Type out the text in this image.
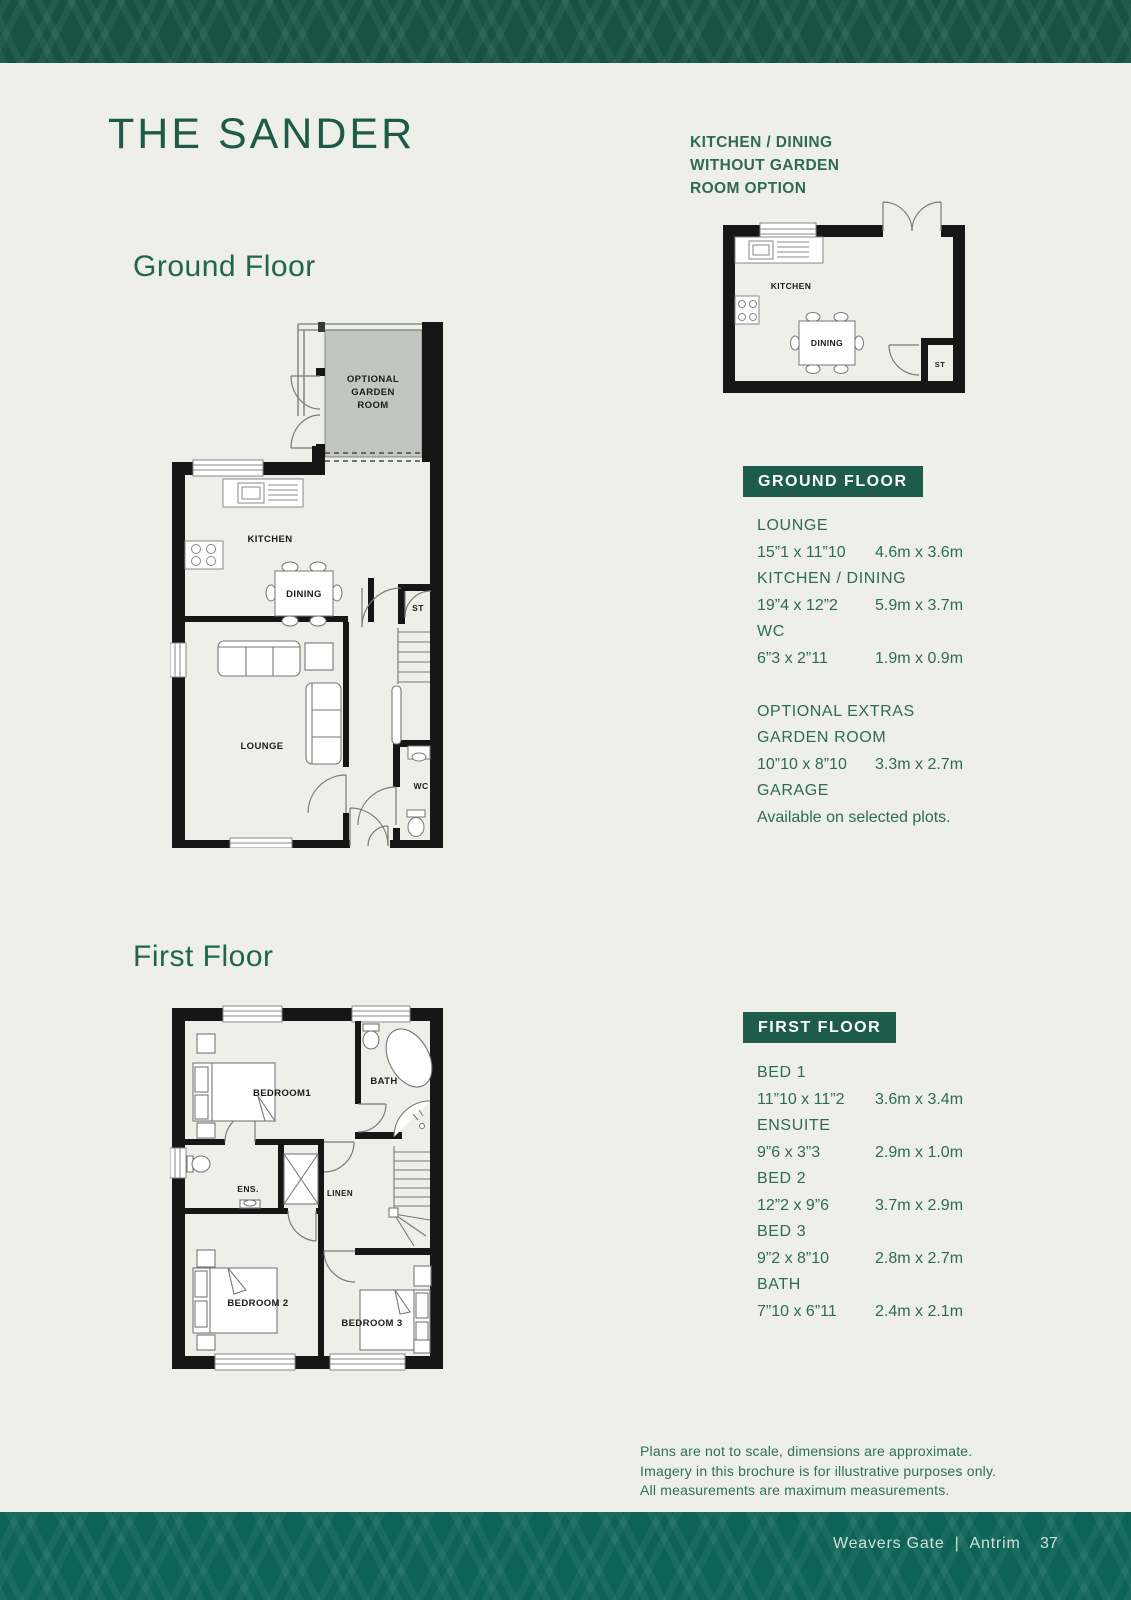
THE SANDER
Ground Floor
OPTIONAL
GARDEN
ROOM
KITCHEN
DINING
ST
LOUNGE
WC
KITCHEN / DINING
WITHOUT GARDEN
ROOM OPTION
KITCHEN
DINING
ST
GROUND FLOOR
LOUNGE
15”1 x 11”10	4.6m x 3.6m
KITCHEN / DINING
19”4 x 12”2	5.9m x 3.7m
WC
6”3 x 2”11	1.9m x 0.9m
OPTIONAL EXTRAS
GARDEN ROOM
10”10 x 8”10	3.3m x 2.7m
GARAGE
Available on selected plots.
First Floor
BEDROOM1
BATH
ENS.	LINEN
BEDROOM 2
BEDROOM 3
FIRST FLOOR
BED 1
11”10 x 11”2	3.6m x 3.4m
ENSUITE
9”6 x 3”3	2.9m x 1.0m
BED 2
12”2 x 9”6	3.7m x 2.9m
BED 3
9”2 x 8”10	2.8m x 2.7m
BATH
7”10 x 6”11	2.4m x 2.1m
Plans are not to scale, dimensions are approximate.
Imagery in this brochure is for illustrative purposes only.
All measurements are maximum measurements.
Weavers Gate | Antrim 37
